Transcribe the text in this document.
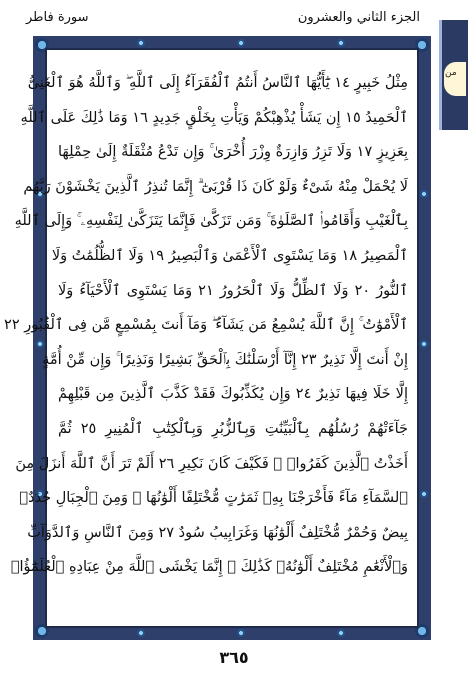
سورة فاطر	الجزء الثاني والعشرون
من
مِثْلُ خَبِيرٍ ١٤ يَٰٓأَيُّهَا ٱلنَّاسُ أَنتُمُ ٱلْفُقَرَآءُ إِلَى ٱللَّهِ ۖ وَٱللَّهُ هُوَ ٱلْغَنِىُّ
ٱلْحَمِيدُ ١٥ إِن يَشَأْ يُذْهِبْكُمْ وَيَأْتِ بِخَلْقٍ جَدِيدٍ ١٦ وَمَا ذَٰلِكَ عَلَى ٱللَّهِ
بِعَزِيزٍ ١٧ وَلَا تَزِرُ وَازِرَةٌ وِزْرَ أُخْرَىٰ ۚ وَإِن تَدْعُ مُثْقَلَةٌ إِلَىٰ حِمْلِهَا
لَا يُحْمَلْ مِنْهُ شَىْءٌ وَلَوْ كَانَ ذَا قُرْبَىٰٓ ۗ إِنَّمَا تُنذِرُ ٱلَّذِينَ يَخْشَوْنَ رَبَّهُم
بِٱلْغَيْبِ وَأَقَامُوا۟ ٱلصَّلَوٰةَ ۚ وَمَن تَزَكَّىٰ فَإِنَّمَا يَتَزَكَّىٰ لِنَفْسِهِۦ ۚ وَإِلَى ٱللَّهِ
ٱلْمَصِيرُ ١٨ وَمَا يَسْتَوِى ٱلْأَعْمَىٰ وَٱلْبَصِيرُ ١٩ وَلَا ٱلظُّلُمَٰتُ وَلَا
ٱلنُّورُ ٢٠ وَلَا ٱلظِّلُّ وَلَا ٱلْحَرُورُ ٢١ وَمَا يَسْتَوِى ٱلْأَحْيَآءُ وَلَا
ٱلْأَمْوَٰتُ ۚ إِنَّ ٱللَّهَ يُسْمِعُ مَن يَشَآءُ ۖ وَمَآ أَنتَ بِمُسْمِعٍ مَّن فِى ٱلْقُبُورِ ٢٢
إِنْ أَنتَ إِلَّا نَذِيرٌ ٢٣ إِنَّآ أَرْسَلْنَٰكَ بِٱلْحَقِّ بَشِيرًا وَنَذِيرًا ۚ وَإِن مِّنْ أُمَّةٍ
إِلَّا خَلَا فِيهَا نَذِيرٌ ٢٤ وَإِن يُكَذِّبُوكَ فَقَدْ كَذَّبَ ٱلَّذِينَ مِن قَبْلِهِمْ
جَآءَتْهُمْ رُسُلُهُم بِٱلْبَيِّنَٰتِ وَبِٱلزُّبُرِ وَبِٱلْكِتَٰبِ ٱلْمُنِيرِ ٢٥ ثُمَّ
أَخَذْتُ ٱلَّذِينَ كَفَرُوا۟ ۖ فَكَيْفَ كَانَ نَكِيرِ ٢٦ أَلَمْ تَرَ أَنَّ ٱللَّهَ أَنزَلَ مِنَ
ٱلسَّمَآءِ مَآءً فَأَخْرَجْنَا بِهِۦ ثَمَرَٰتٍ مُّخْتَلِفًا أَلْوَٰنُهَا ۚ وَمِنَ ٱلْجِبَالِ جُدَدٌۢ
بِيضٌ وَحُمْرٌ مُّخْتَلِفٌ أَلْوَٰنُهَا وَغَرَابِيبُ سُودٌ ٢٧ وَمِنَ ٱلنَّاسِ وَٱلدَّوَآبِّ
وَٱلْأَنْعَٰمِ مُخْتَلِفٌ أَلْوَٰنُهُۥ كَذَٰلِكَ ۗ إِنَّمَا يَخْشَى ٱللَّهَ مِنْ عِبَادِهِ ٱلْعُلَمَٰٓؤُا۟
٣٦٥
